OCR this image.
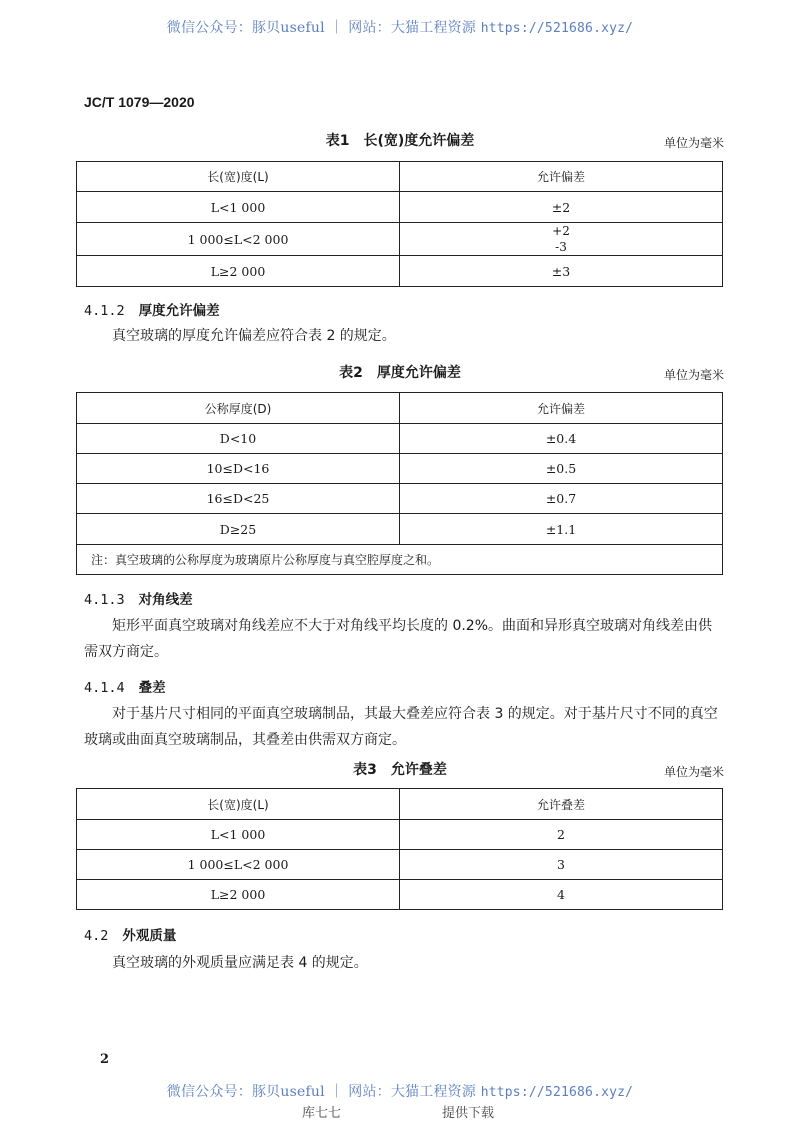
微信公众号：豚贝useful ｜ 网站：大猫工程资源 https://521686.xyz/
JC/T 1079—2020
表1　长(宽)度允许偏差	单位为毫米
长(宽)度(L)	允许偏差
L<1 000	±2
1 000≤L<2 000	+2
-3

L≥2 000	±3
4.1.2 厚度允许偏差
真空玻璃的厚度允许偏差应符合表 2 的规定。
表2　厚度允许偏差	单位为毫米
公称厚度(D)	允许偏差
D<10	±0.4
10≤D<16	±0.5
16≤D<25	±0.7
D≥25	±1.1
注：真空玻璃的公称厚度为玻璃原片公称厚度与真空腔厚度之和。	
4.1.3 对角线差
矩形平面真空玻璃对角线差应不大于对角线平均长度的 0.2%。曲面和异形真空玻璃对角线差由供需双方商定。
4.1.4 叠差
对于基片尺寸相同的平面真空玻璃制品，其最大叠差应符合表 3 的规定。对于基片尺寸不同的真空玻璃或曲面真空玻璃制品，其叠差由供需双方商定。
表3　允许叠差	单位为毫米
长(宽)度(L)	允许叠差
L<1 000	2
1 000≤L<2 000	3
L≥2 000	4
4.2 外观质量
真空玻璃的外观质量应满足表 4 的规定。
2
微信公众号：豚贝useful ｜ 网站：大猫工程资源 https://521686.xyz/
库七七	提供下载
